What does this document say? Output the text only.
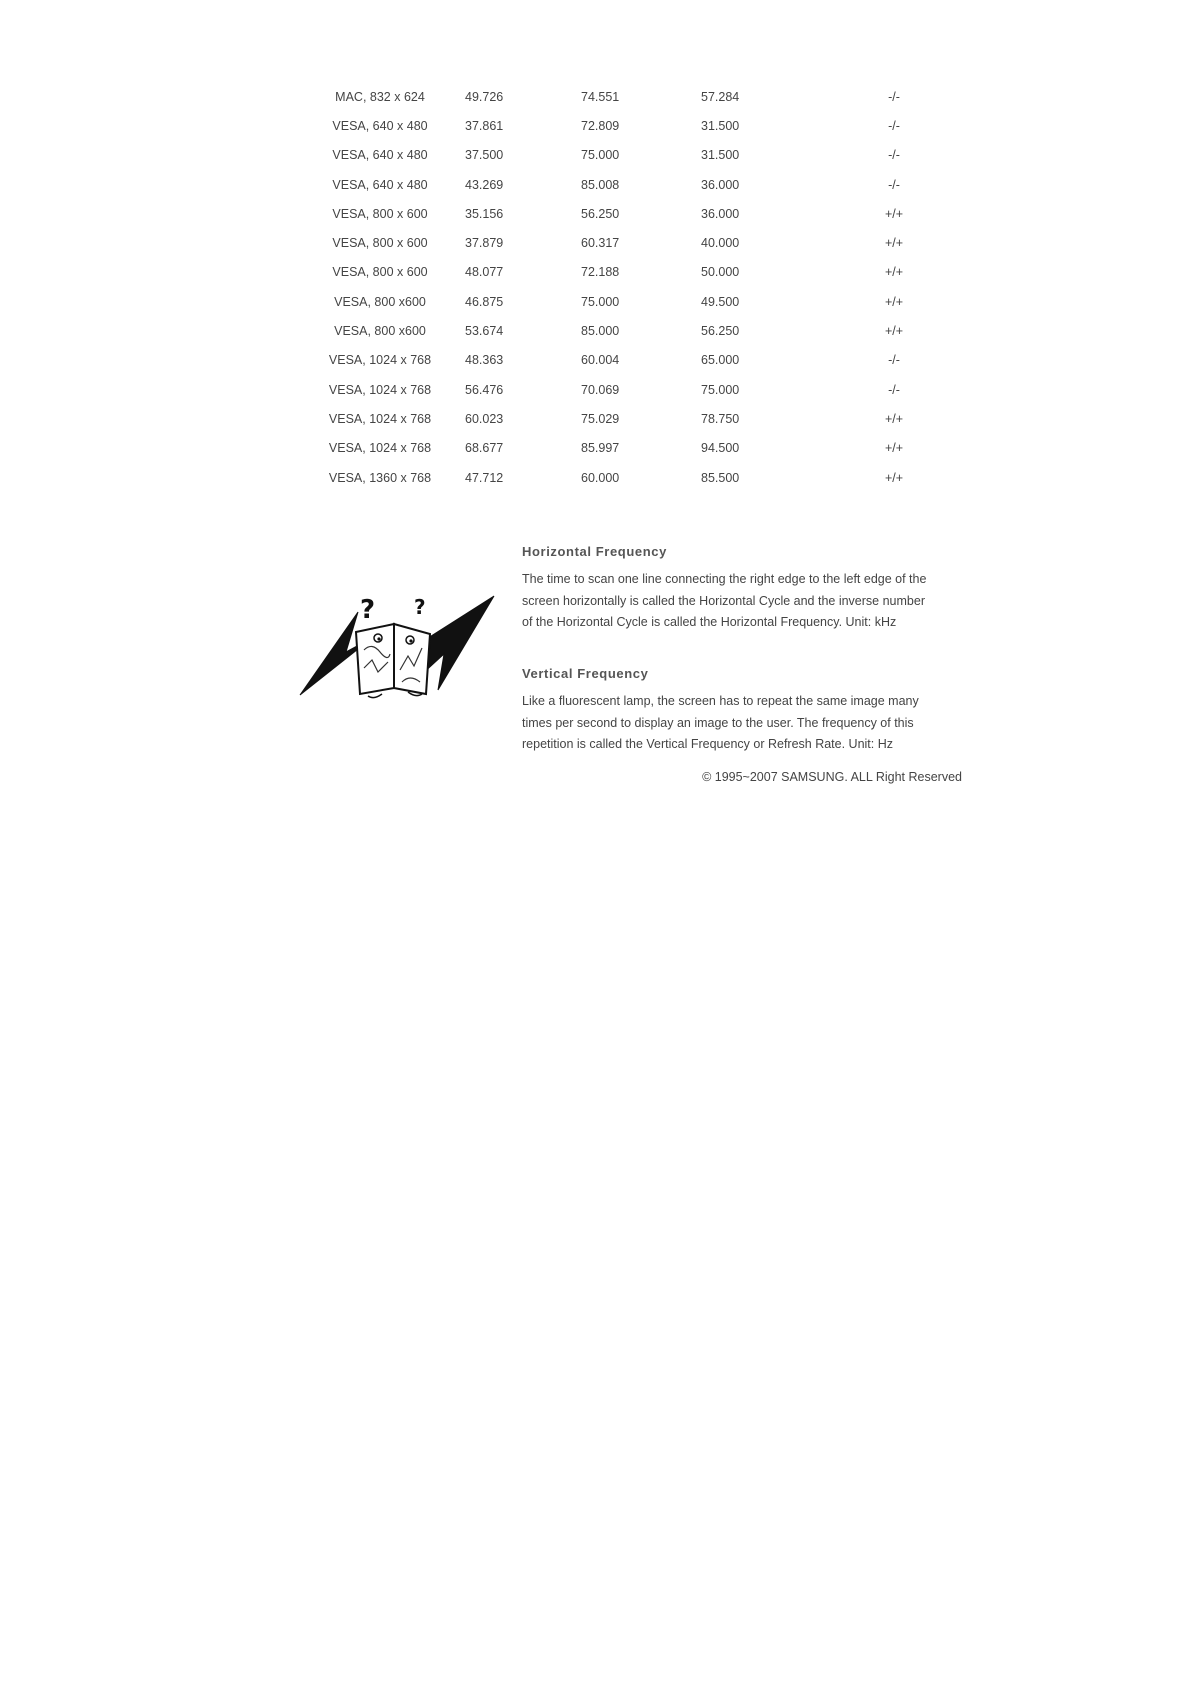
MAC, 832 x 624	49.726	74.551	57.284	-/-
VESA, 640 x 480	37.861	72.809	31.500	-/-
VESA, 640 x 480	37.500	75.000	31.500	-/-
VESA, 640 x 480	43.269	85.008	36.000	-/-
VESA, 800 x 600	35.156	56.250	36.000	+/+
VESA, 800 x 600	37.879	60.317	40.000	+/+
VESA, 800 x 600	48.077	72.188	50.000	+/+
VESA, 800 x600	46.875	75.000	49.500	+/+
VESA, 800 x600	53.674	85.000	56.250	+/+
VESA, 1024 x 768	48.363	60.004	65.000	-/-
VESA, 1024 x 768	56.476	70.069	75.000	-/-
VESA, 1024 x 768	60.023	75.029	78.750	+/+
VESA, 1024 x 768	68.677	85.997	94.500	+/+
VESA, 1360 x 768	47.712	60.000	85.500	+/+
? ?

Horizontal Frequency

The time to scan one line connecting the right edge to the left edge of the
screen horizontally is called the Horizontal Cycle and the inverse number
of the Horizontal Cycle is called the Horizontal Frequency. Unit: kHz

Vertical Frequency

Like a fluorescent lamp, the screen has to repeat the same image many
times per second to display an image to the user. The frequency of this
repetition is called the Vertical Frequency or Refresh Rate. Unit: Hz

© 1995~2007 SAMSUNG. ALL Right Reserved
